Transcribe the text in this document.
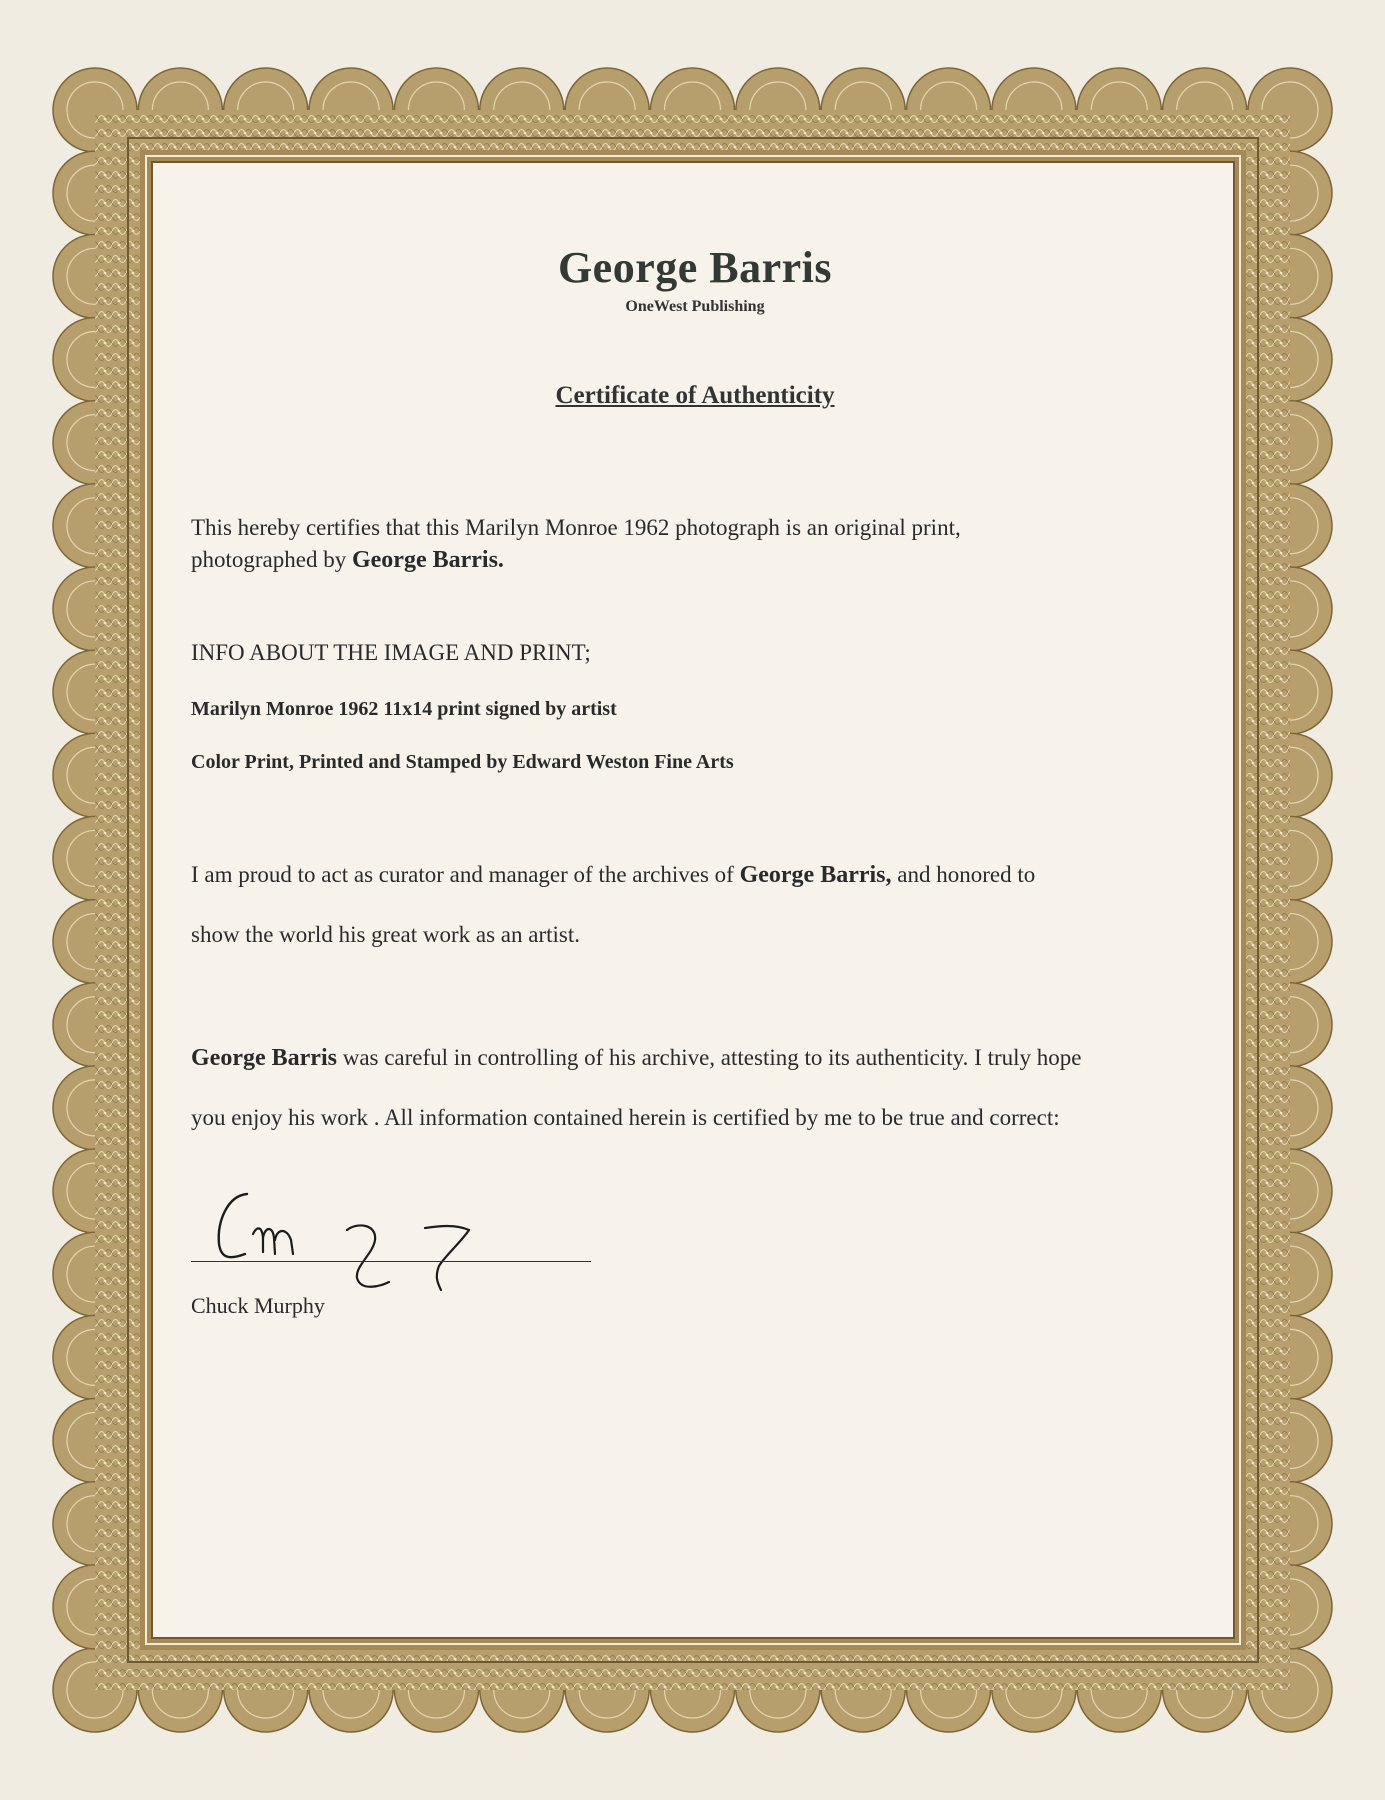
George Barris
OneWest Publishing
Certificate of Authenticity
This hereby certifies that this Marilyn Monroe 1962 photograph is an original print,
photographed by George Barris.
INFO ABOUT THE IMAGE AND PRINT;
Marilyn Monroe 1962 11x14 print signed by artist
Color Print, Printed and Stamped by Edward Weston Fine Arts
I am proud to act as curator and manager of the archives of George Barris, and honored to
show the world his great work as an artist.
George Barris was careful in controlling of his archive, attesting to its authenticity. I truly hope
you enjoy his work . All information contained herein is certified by me to be true and correct:
Chuck Murphy
